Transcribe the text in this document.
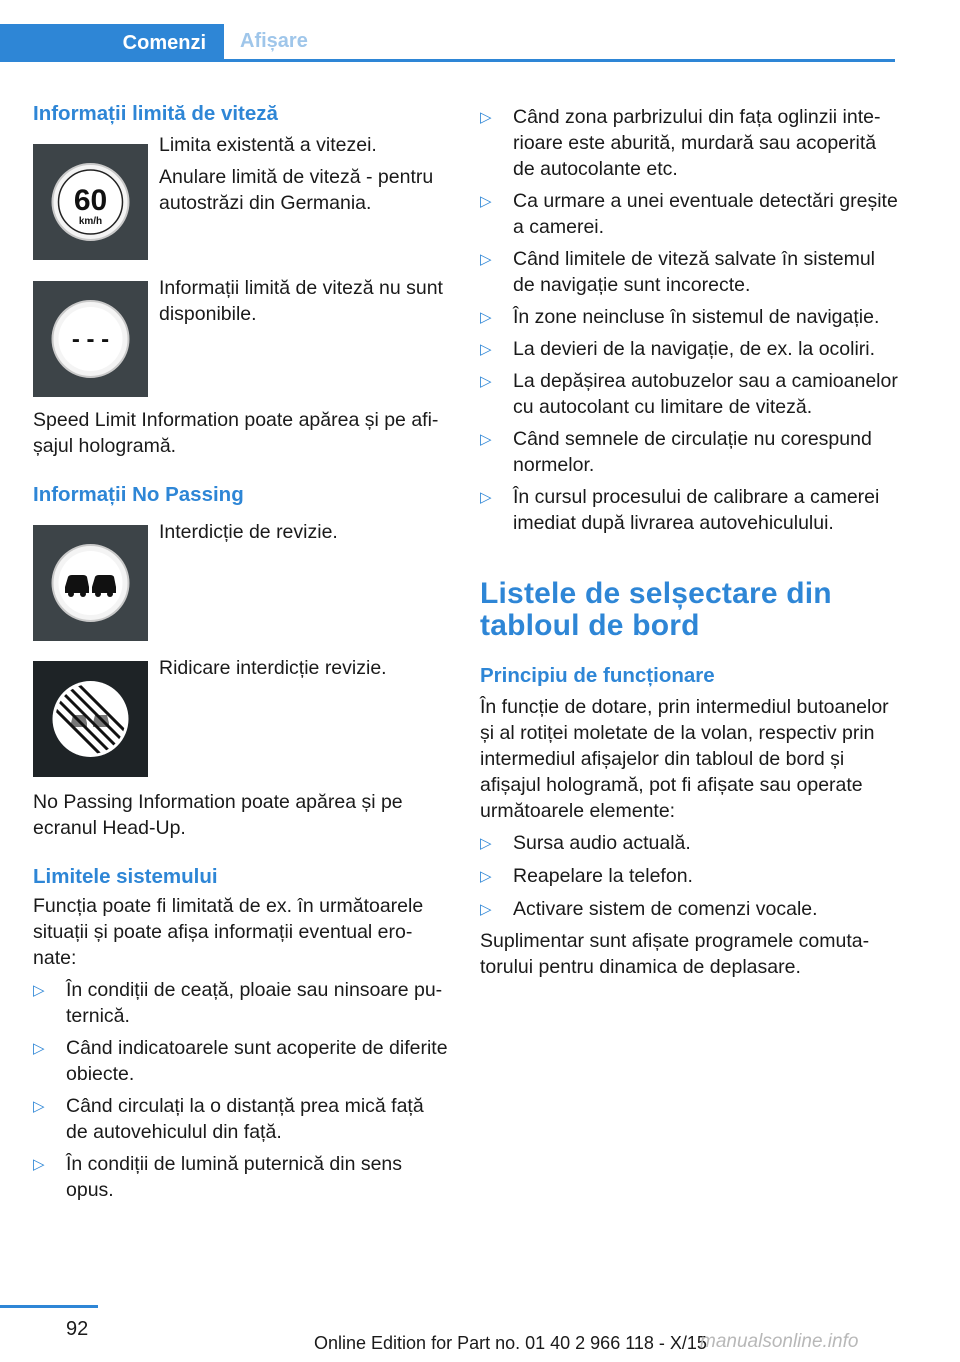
Comenzi	Afișare
Informații limită de viteză
60
km/h
Limita existentă a vitezei.
Anulare limită de viteză - pentru autostrăzi din Germania.
- - -
Informații limită de viteză nu sunt disponibile.
Speed Limit Information poate apărea și pe afișajul hologramă.
Informații No Passing
Interdicție de revizie.
Ridicare interdicție revizie.
No Passing Information poate apărea și pe ecranul Head-Up.
Limitele sistemului
Funcția poate fi limitată de ex. în următoarele situații și poate afișa informații eventual eronate:
▷ În condiții de ceață, ploaie sau ninsoare puternică.
▷ Când indicatoarele sunt acoperite de diferite obiecte.
▷ Când circulați la o distanță prea mică față de autovehiculul din față.
▷ În condiții de lumină puternică din sens opus.
▷ Când zona parbrizului din fața oglinzii interioare este aburită, murdară sau acoperită de autocolante etc.
▷ Ca urmare a unei eventuale detectări greșite a camerei.
▷ Când limitele de viteză salvate în sistemul de navigație sunt incorecte.
▷ În zone neincluse în sistemul de navigație.
▷ La devieri de la navigație, de ex. la ocoliri.
▷ La depășirea autobuzelor sau a camioanelor cu autocolant cu limitare de viteză.
▷ Când semnele de circulație nu corespund normelor.
▷ În cursul procesului de calibrare a camerei imediat după livrarea autovehiculului.
Listele de selșectare din tabloul de bord
Principiu de funcționare
În funcție de dotare, prin intermediul butoanelor și al rotiței moletate de la volan, respectiv prin intermediul afișajelor din tabloul de bord și afișajul hologramă, pot fi afișate sau operate următoarele elemente:
▷ Sursa audio actuală.
▷ Reapelare la telefon.
▷ Activare sistem de comenzi vocale.
Suplimentar sunt afișate programele comutatorului pentru dinamica de deplasare.
92
Online Edition for Part no. 01 40 2 966 118 - X/15
manualsonline.info
